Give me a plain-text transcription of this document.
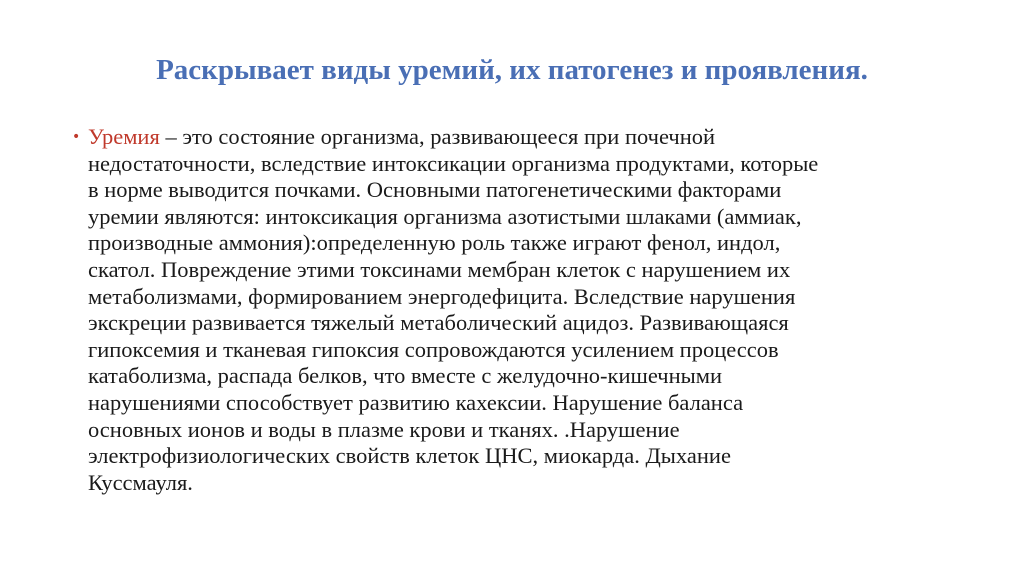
Раскрывает виды уремий, их патогенез и проявления.
• Уремия – это состояние организма, развивающееся при почечной
недостаточности, вследствие интоксикации организма продуктами, которые
в норме выводится почками. Основными патогенетическими факторами
уремии являются: интоксикация организма азотистыми шлаками (аммиак,
производные аммония):определенную роль также играют фенол, индол,
скатол. Повреждение этими токсинами мембран клеток с нарушением их
метаболизмами, формированием энергодефицита. Вследствие нарушения
экскреции развивается тяжелый метаболический ацидоз. Развивающаяся
гипоксемия и тканевая гипоксия сопровождаются усилением процессов
катаболизма, распада белков, что вместе с желудочно-кишечными
нарушениями способствует развитию кахексии. Нарушение баланса
основных ионов и воды в плазме крови и тканях. .Нарушение
электрофизиологических свойств клеток ЦНС, миокарда. Дыхание
Куссмауля.
